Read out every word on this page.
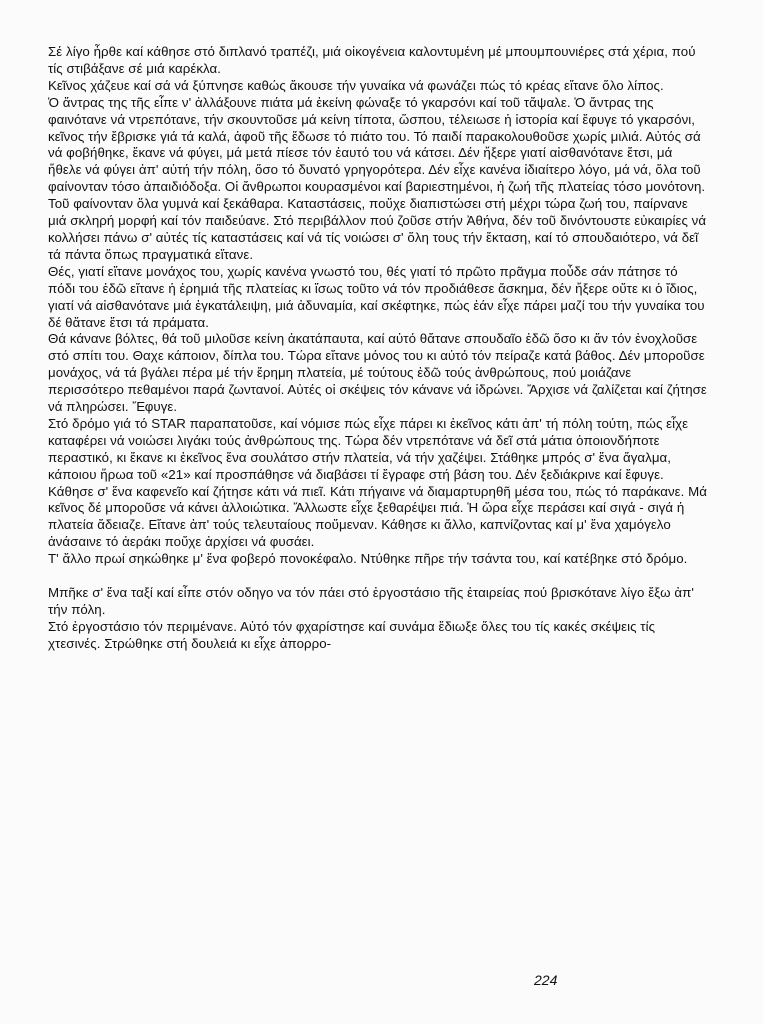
Σέ λίγο ἦρθε καί κάθησε στό διπλανό τραπέζι, μιά οἰκογένεια καλοντυμένη μέ μπουμπουνιέρες στά χέρια, πού τίς στιβάξανε σέ μιά καρέκλα.

Κεῖνος χάζευε καί σά νά ξύπνησε καθώς ἄκουσε τήν γυναίκα νά φωνάζει πώς τό κρέας εἴτανε ὅλο λίπος.

Ὁ ἄντρας της τῆς εἶπε ν' ἀλλάξουνε πιάτα μά ἐκείνη φώναξε τό γκαρσόνι καί τοῦ τἄψαλε. Ὁ ἄντρας της φαινότανε νά ντρεπότανε, τήν σκουντοῦσε μά κείνη τίποτα, ὥσπου, τέλειωσε ἡ ἱστορία καί ἔφυγε τό γκαρσόνι, κεῖνος τήν ἔβρισκε γιά τά καλά, ἀφοῦ τῆς ἔδωσε τό πιάτο του. Τό παιδί παρακολουθοῦσε χωρίς μιλιά. Αὐτός σά νά φοβήθηκε, ἔκανε νά φύγει, μά μετά πίεσε τόν ἑαυτό του νά κάτσει. Δέν ἤξερε γιατί αἰσθανότανε ἔτσι, μά ἤθελε νά φύγει ἀπ' αὐτή τήν πόλη, ὅσο τό δυνατό γρηγορότερα. Δέν εἶχε κανένα ἰδιαίτερο λόγο, μά νά, ὅλα τοῦ φαίνονταν τόσο ἀπαιδιόδοξα. Οἱ ἄνθρωποι κουρασμένοι καί βαριεστημένοι, ἡ ζωή τῆς πλατείας τόσο μονότονη. Τοῦ φαίνονταν ὅλα γυμνά καί ξεκάθαρα. Καταστάσεις, ποὔχε διαπιστώσει στή μέχρι τώρα ζωή του, παίρνανε μιά σκληρή μορφή καί τόν παιδεύανε. Στό περιβάλλον πού ζοῦσε στήν Ἀθήνα, δέν τοῦ δινόντουστε εὐκαιρίες νά κολλήσει πάνω σ' αὐτές τίς καταστάσεις καί νά τίς νοιώσει σ' ὅλη τους τήν ἔκταση, καί τό σπουδαιότερο, νά δεῖ τά πάντα ὅπως πραγματικά εἴτανε.

Θές, γιατί εἴτανε μονάχος του, χωρίς κανένα γνωστό του, θές γιατί τό πρῶτο πρᾶγμα ποὖδε σάν πάτησε τό πόδι του ἐδῶ εἴτανε ἡ ἐρημιά τῆς πλατείας κι ἴσως τοῦτο νά τόν προδιάθεσε ἄσκημα, δέν ἤξερε οὔτε κι ὁ ἴδιος, γιατί νά αἰσθανότανε μιά ἐγκατάλειψη, μιά ἀδυναμία, καί σκέφτηκε, πώς ἐάν εἶχε πάρει μαζί του τήν γυναίκα του δέ θἄτανε ἔτσι τά πράματα.

Θά κάνανε βόλτες, θά τοῦ μιλοῦσε κείνη ἀκατάπαυτα, καί αὐτό θἄτανε σπουδαῖο ἐδῶ ὅσο κι ἄν τόν ἐνοχλοῦσε στό σπίτι του. Θαχε κάποιον, δίπλα του. Τώρα εἴτανε μόνος του κι αὐτό τόν πείραζε κατά βάθος. Δέν μποροῦσε μονάχος, νά τά βγάλει πέρα μέ τήν ἔρημη πλατεία, μέ τούτους ἐδῶ τούς ἀνθρώπους, πού μοιάζανε περισσότερο πεθαμένοι παρά ζωντανοί. Αὐτές οἱ σκέψεις τόν κάνανε νά ἱδρώνει. Ἄρχισε νά ζαλίζεται καί ζήτησε νά πληρώσει. Ἔφυγε.

Στό δρόμο γιά τό STAR παραπατοῦσε, καί νόμισε πώς εἶχε πάρει κι ἐκεῖνος κάτι ἀπ' τή πόλη τούτη, πώς εἶχε καταφέρει νά νοιώσει λιγάκι τούς ἀνθρώπους της. Τώρα δέν ντρεπότανε νά δεῖ στά μάτια ὁποιονδήποτε περαστικό, κι ἔκανε κι ἐκεῖνος ἕνα σουλάτσο στήν πλατεία, νά τήν χαζέψει. Στάθηκε μπρός σ' ἕνα ἄγαλμα, κάποιου ἥρωα τοῦ «21» καί προσπάθησε νά διαβάσει τί ἔγραφε στή βάση του. Δέν ξεδιάκρινε καί ἔφυγε.

Κάθησε σ' ἕνα καφενεῖο καί ζήτησε κάτι νά πιεῖ. Κάτι πήγαινε νά διαμαρτυρηθῆ μέσα του, πώς τό παράκανε. Μά κεῖνος δέ μποροῦσε νά κάνει ἀλλοιώτικα. Ἄλλωστε εἶχε ξεθαρέψει πιά. Ἡ ὥρα εἶχε περάσει καί σιγά - σιγά ἡ πλατεία ἄδειαζε. Εἴτανε ἀπ' τούς τελευταίους ποὔμεναν. Κάθησε κι ἄλλο, καπνίζοντας καί μ' ἕνα χαμόγελο ἀνάσαινε τό ἀεράκι ποὔχε ἀρχίσει νά φυσάει.

Τ' ἄλλο πρωί σηκώθηκε μ' ἕνα φοβερό πονοκέφαλο. Ντύθηκε πῆρε τήν τσάντα του, καί κατέβηκε στό δρόμο.

Μπῆκε σ' ἕνα ταξί καί εἶπε στόν οδηγο να τόν πάει στό ἐργοστάσιο τῆς ἑταιρείας πού βρισκότανε λίγο ἔξω ἀπ' τήν πόλη.

Στό ἐργοστάσιο τόν περιμένανε. Αὐτό τόν φχαρίστησε καί συνάμα ἔδιωξε ὅλες του τίς κακές σκέψεις τίς χτεσινές. Στρώθηκε στή δουλειά κι εἶχε ἀπορρο-

224
